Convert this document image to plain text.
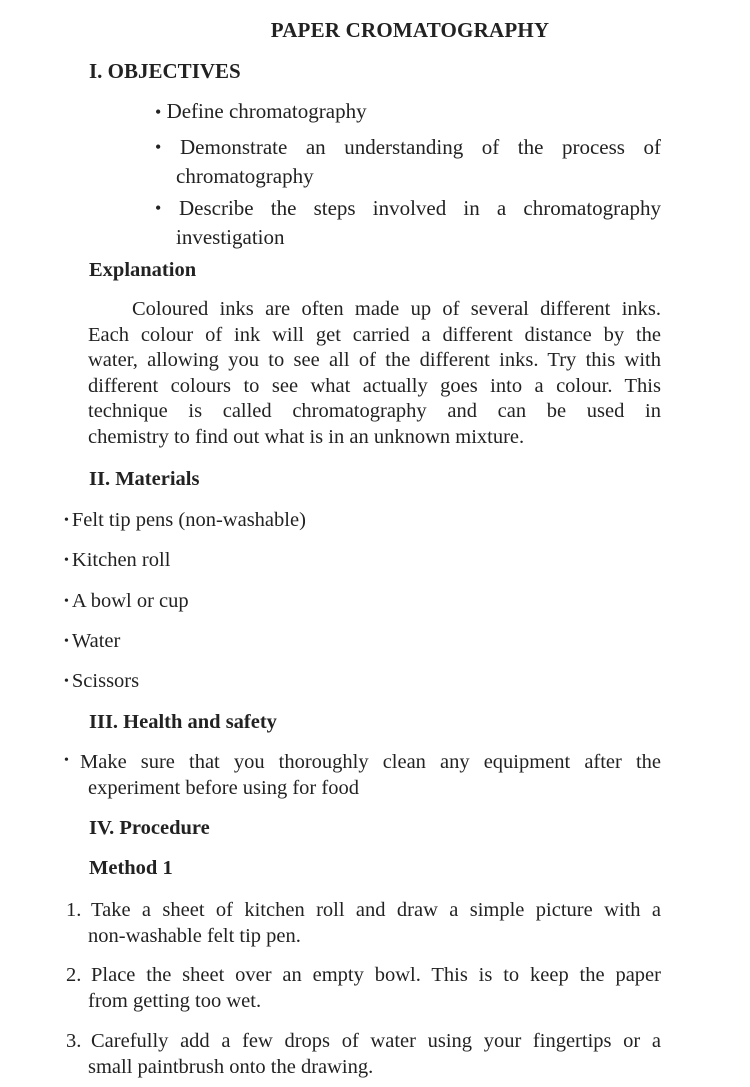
PAPER CROMATOGRAPHY
I. OBJECTIVES
• Define chromatography
• Demonstrate an understanding of the process of
chromatography
• Describe the steps involved in a chromatography
investigation
Explanation
Coloured inks are often made up of several different inks.
Each colour of ink will get carried a different distance by the
water, allowing you to see all of the different inks. Try this with
different colours to see what actually goes into a colour. This
technique is called chromatography and can be used in
chemistry to find out what is in an unknown mixture.
II. Materials
• Felt tip pens (non-washable)
• Kitchen roll
• A bowl or cup
• Water
• Scissors
III. Health and safety
• Make sure that you thoroughly clean any equipment after the
experiment before using for food
IV. Procedure
Method 1
1. Take a sheet of kitchen roll and draw a simple picture with a
non-washable felt tip pen.
2. Place the sheet over an empty bowl. This is to keep the paper
from getting too wet.
3. Carefully add a few drops of water using your fingertips or a
small paintbrush onto the drawing.
